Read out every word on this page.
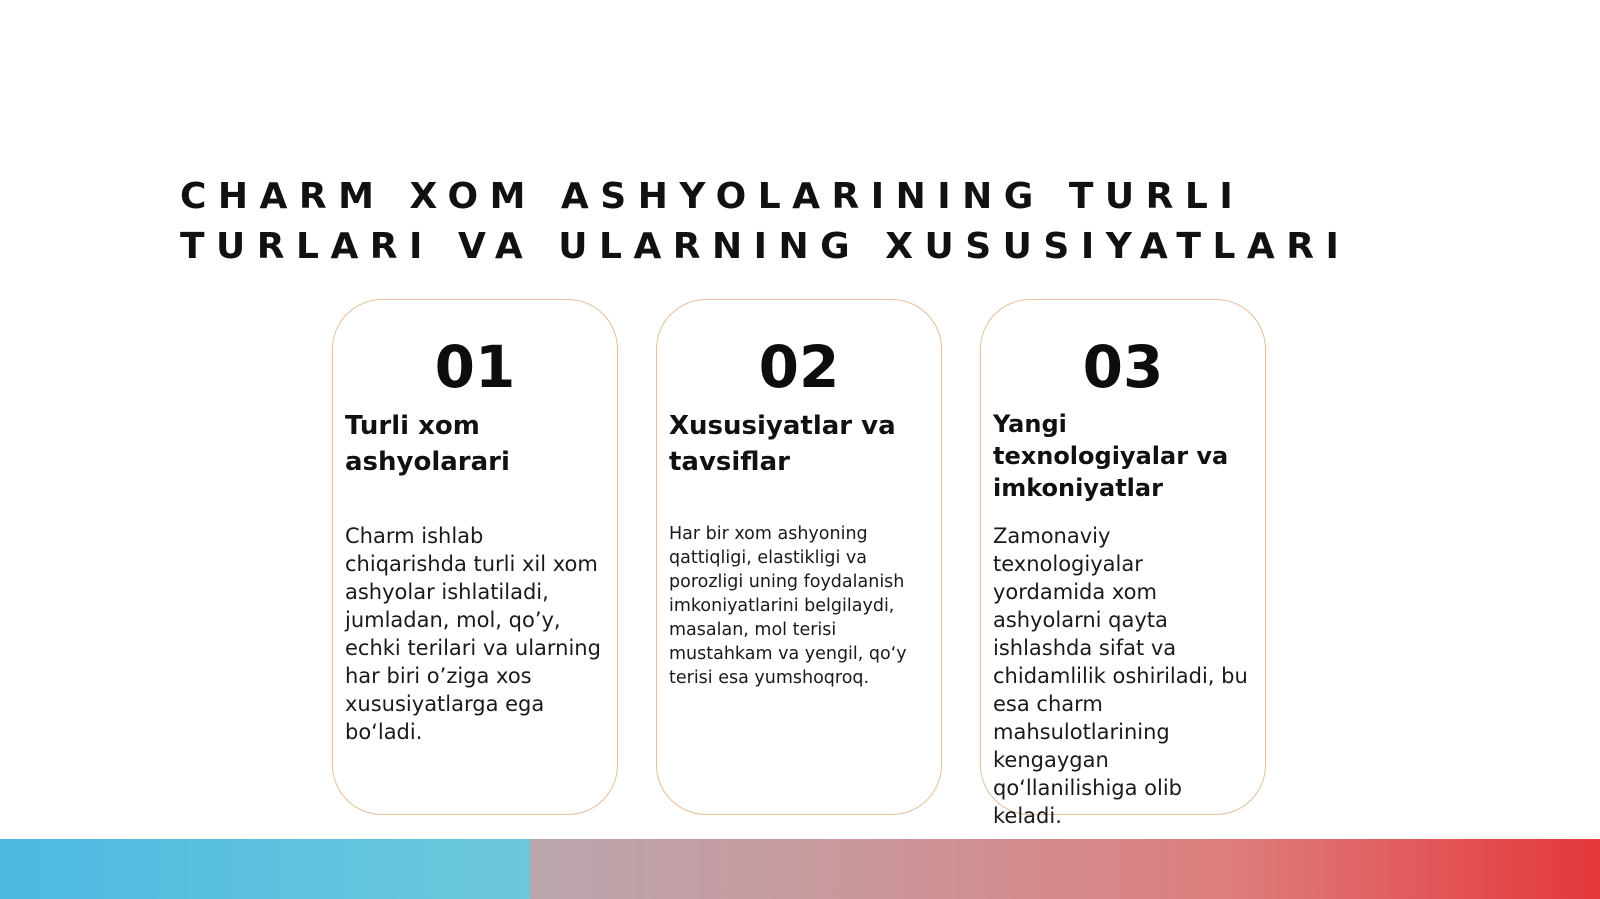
CHARM XOM ASHYOLARINING TURLI TURLARI VA ULARNING XUSUSIYATLARI
01
Turli xom ashyolarari

Charm ishlab chiqarishda turli xil xom ashyolar ishlatiladi, jumladan, mol, qo’y, echki terilari va ularning har biri o’ziga xos xususiyatlarga ega bo‘ladi.

02
Xususiyatlar va tavsiflar

Har bir xom ashyoning qattiqligi, elastikligi va porozligi uning foydalanish imkoniyatlarini belgilaydi, masalan, mol terisi mustahkam va yengil, qo‘y terisi esa yumshoqroq.

03
Yangi texnologiyalar va imkoniyatlar

Zamonaviy texnologiyalar yordamida xom ashyolarni qayta ishlashda sifat va chidamlilik oshiriladi, bu esa charm mahsulotlarining kengaygan qo‘llanilishiga olib keladi.
